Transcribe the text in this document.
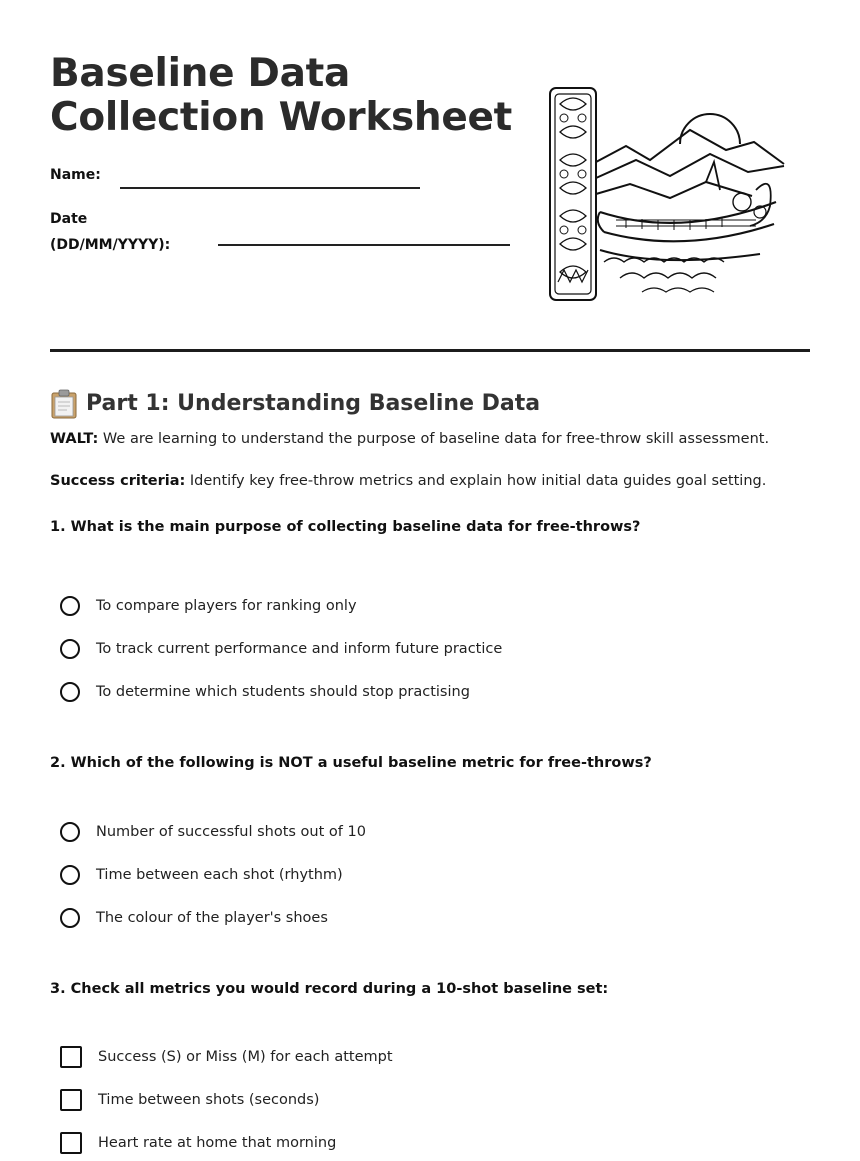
Baseline Data Collection Worksheet
Name:
Date
(DD/MM/YYYY):
Part 1: Understanding Baseline Data

WALT: We are learning to understand the purpose of baseline data for free-throw skill assessment.

Success criteria: Identify key free-throw metrics and explain how initial data guides goal setting.

1. What is the main purpose of collecting baseline data for free-throws?

To compare players for ranking only
To track current performance and inform future practice
To determine which students should stop practising

2. Which of the following is NOT a useful baseline metric for free-throws?

Number of successful shots out of 10
Time between each shot (rhythm)
The colour of the player's shoes

3. Check all metrics you would record during a 10-shot baseline set:

Success (S) or Miss (M) for each attempt
Time between shots (seconds)
Heart rate at home that morning
